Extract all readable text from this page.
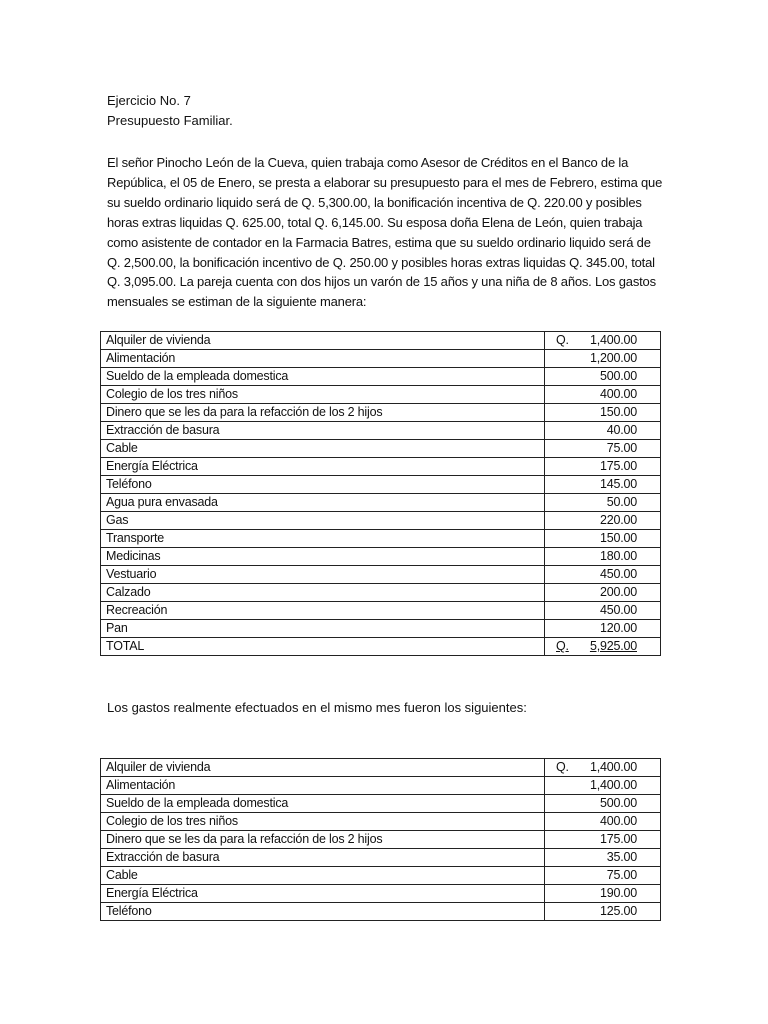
Ejercicio No. 7
Presupuesto Familiar.
El señor Pinocho León de la Cueva, quien trabaja como Asesor de Créditos en el Banco de la República, el 05 de Enero, se presta a elaborar su presupuesto para el mes de Febrero, estima que su sueldo ordinario liquido será de Q. 5,300.00, la bonificación incentiva de Q. 220.00 y posibles horas extras liquidas Q. 625.00, total Q. 6,145.00. Su esposa doña Elena de León, quien trabaja como asistente de contador en la Farmacia Batres, estima que su sueldo ordinario liquido será de Q. 2,500.00, la bonificación incentivo de Q. 250.00 y posibles horas extras liquidas Q. 345.00, total Q. 3,095.00. La pareja cuenta con dos hijos un varón de 15 años y una niña de 8 años. Los gastos mensuales se estiman de la siguiente manera:
Alquiler de vivienda	Q. 1,400.00

Alimentación	1,200.00
Sueldo de la empleada domestica	500.00
Colegio de los tres niños	400.00
Dinero que se les da para la refacción de los 2 hijos	150.00
Extracción de basura	40.00
Cable	75.00
Energía Eléctrica	175.00
Teléfono	145.00
Agua pura envasada	50.00
Gas	220.00
Transporte	150.00
Medicinas	180.00
Vestuario	450.00
Calzado	200.00
Recreación	450.00
Pan	120.00
TOTAL	Q. 5,925.00
Los gastos realmente efectuados en el mismo mes fueron los siguientes:
Alquiler de vivienda	Q. 1,400.00

Alimentación	1,400.00
Sueldo de la empleada domestica	500.00
Colegio de los tres niños	400.00
Dinero que se les da para la refacción de los 2 hijos	175.00
Extracción de basura	35.00
Cable	75.00
Energía Eléctrica	190.00
Teléfono	125.00
